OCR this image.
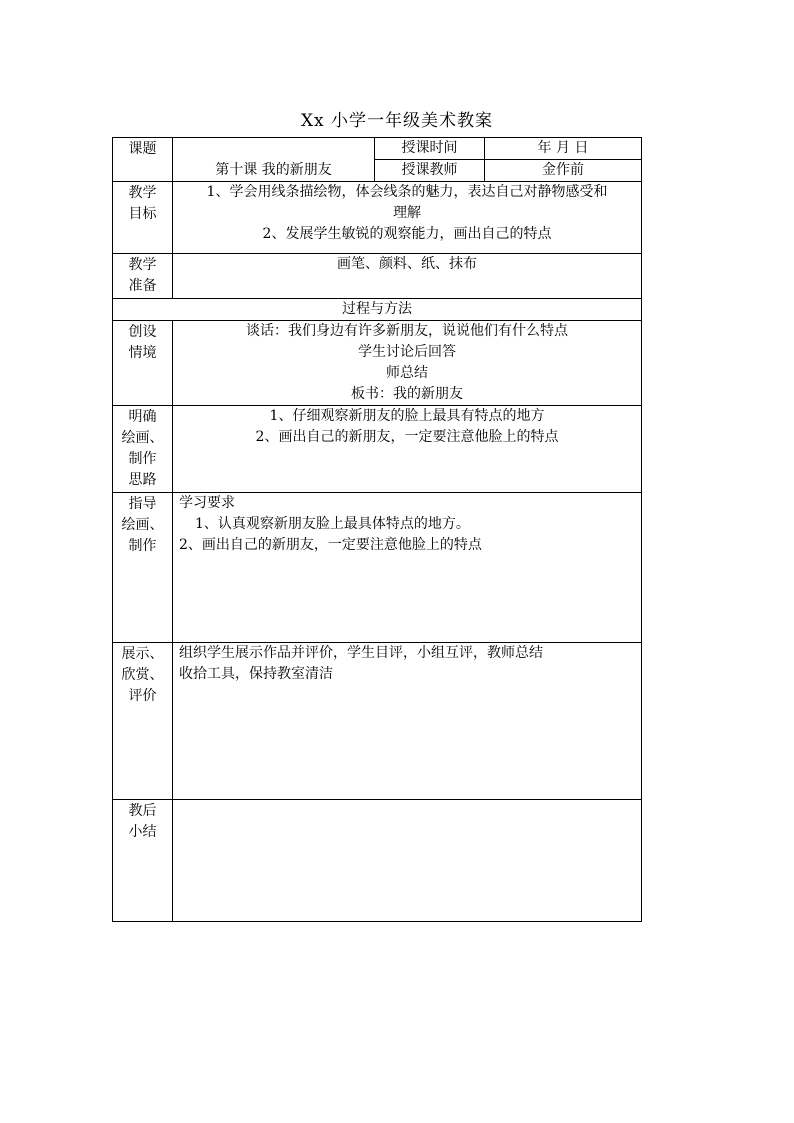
Xx 小学一年级美术教案
课题	第十课 我的新朋友	授课时间	年 月 日
		授课教师	金作前

教学
目标	1、学会用线条描绘物，体会线条的魅力，表达自己对静物感受和
理解
2、发展学生敏锐的观察能力，画出自己的特点		

教学
准备	画笔、颜料、纸、抹布		
过程与方法			

创设
情境	谈话：我们身边有许多新朋友，说说他们有什么特点
学生讨论后回答
师总结
板书：我的新朋友		

明确
绘画、
制作
思路	1、仔细观察新朋友的脸上最具有特点的地方
2、画出自己的新朋友，一定要注意他脸上的特点		

指导
绘画、
制作	学习要求
1、认真观察新朋友脸上最具体特点的地方。
2、画出自己的新朋友，一定要注意他脸上的特点		

展示、
欣赏、
评价	组织学生展示作品并评价，学生目评，小组互评，教师总结
收拾工具，保持教室清洁		

教后
小结			
